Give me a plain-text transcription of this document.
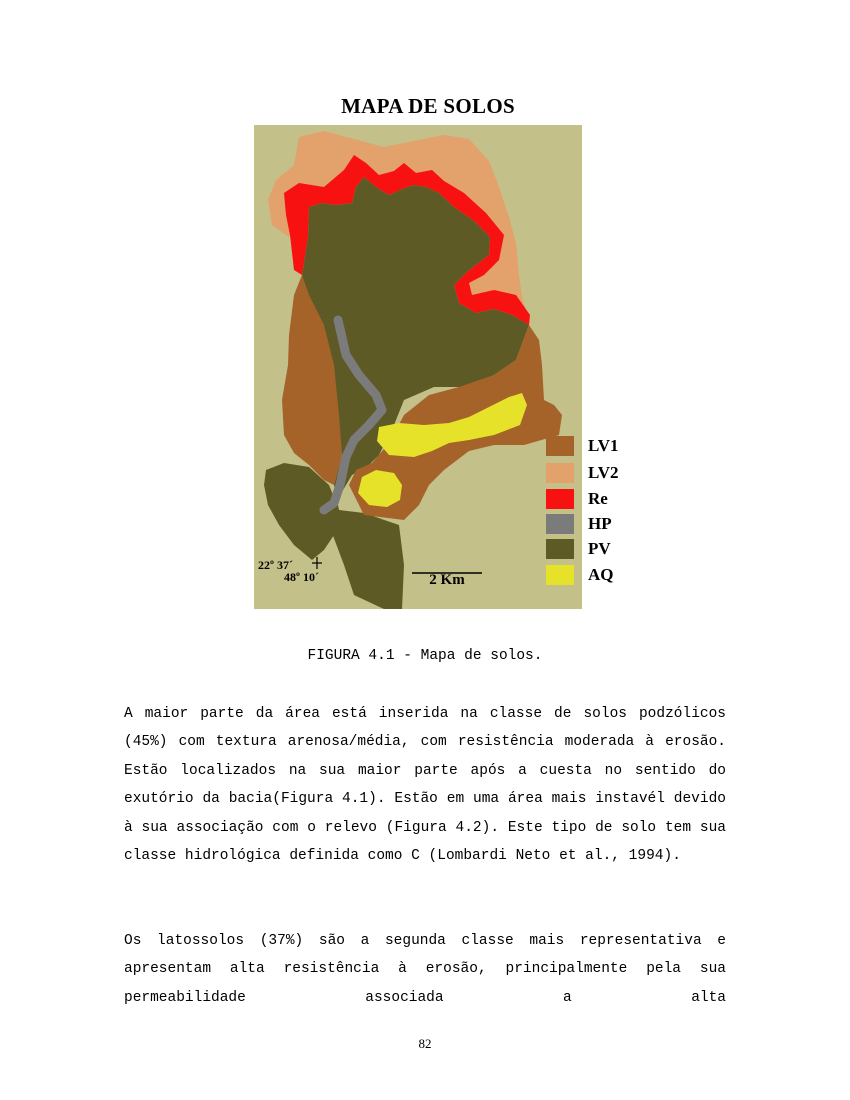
MAPA DE SOLOS
22º 37´
48º 10´	2 Km
LV1
LV2
Re
HP
PV
AQ
FIGURA 4.1 - Mapa de solos.

A maior parte da área está inserida na classe de solos podzólicos (45%) com textura arenosa/média, com resistência moderada à erosão. Estão localizados na sua maior parte após a cuesta no sentido do exutório da bacia(Figura 4.1). Estão em uma área mais instavél devido à sua associação com o relevo (Figura 4.2). Este tipo de solo tem sua classe hidrológica definida como C (Lombardi Neto et al., 1994).

Os latossolos (37%) são a segunda classe mais representativa e apresentam alta resistência à erosão, principalmente pela sua permeabilidade associada a alta

82
